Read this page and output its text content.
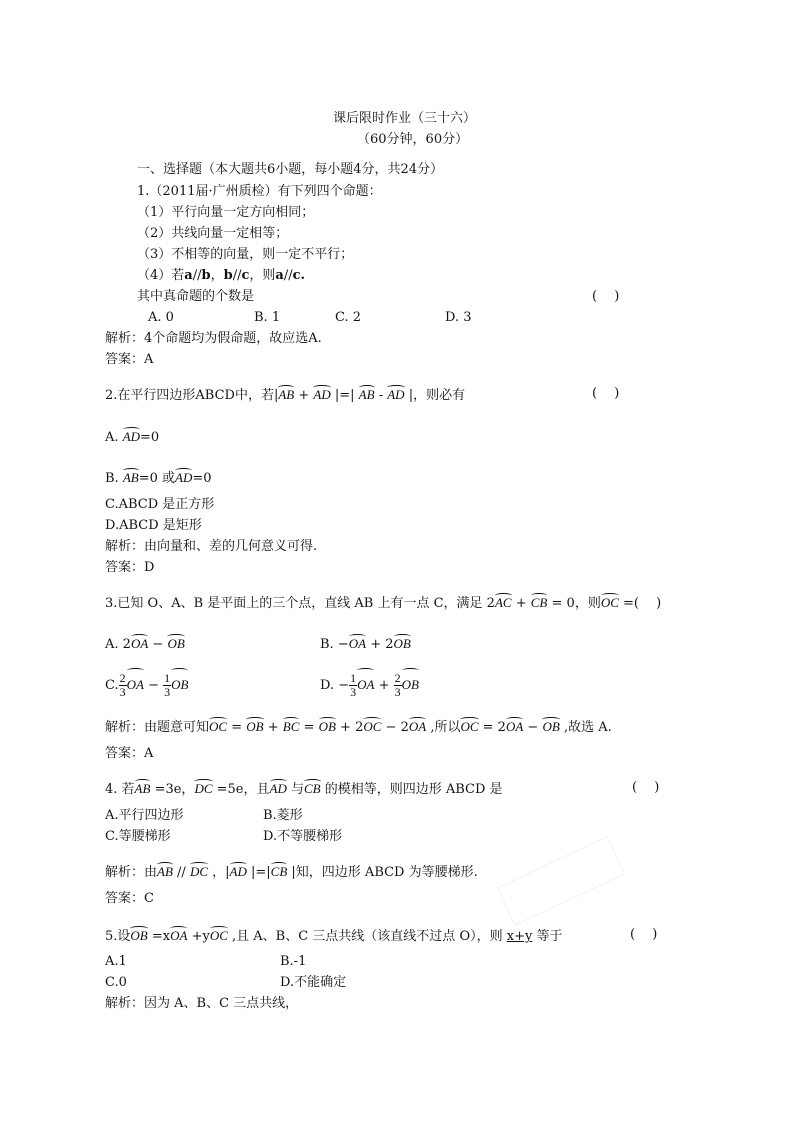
课后限时作业（三十六）
（60分钟，60分）
一、选择题（本大题共6小题，每小题4分，共24分）
1.（2011届·广州质检）有下列四个命题：
（1）平行向量一定方向相同；
（2）共线向量一定相等；
（3）不相等的向量，则一定不平行；
（4）若a//b，b//c，则a//c.
其中真命题的个数是	(　 )
A. 0	B. 1	C. 2	D. 3
解析：4个命题均为假命题，故应选A.
答案：A
2.在平行四边形ABCD中，若|AB + AD |=| AB - AD |，则必有	(　 )
A. AD=0
B. AB=0 或AD=0
C.ABCD 是正方形
D.ABCD 是矩形
解析：由向量和、差的几何意义可得.
答案：D
3.已知 O、A、B 是平面上的三个点，直线 AB 上有一点 C，满足 2AC + CB = 0，则OC =(　 )
A. 2OA − OB	B. −OA + 2OB
C. $\frac{2}{3}$ OA − $\frac{1}{3}$ OB	D. − $\frac{1}{3}$ OA + $\frac{2}{3}$ OB
解析：由题意可知OC = OB + BC = OB + 2OC − 2OA ,所以OC = 2OA − OB ,故选 A.
答案：A
4. 若AB =3e，DC =5e，且AD 与CB 的模相等，则四边形 ABCD 是	(　 )
A.平行四边形	B.菱形
C.等腰梯形	D.不等腰梯形
解析：由AB // DC ，|AD |=|CB |知，四边形 ABCD 为等腰梯形.
答案：C
5.设OB =xOA +yOC ,且 A、B、C 三点共线（该直线不过点 O），则 x+y 等于	(　 )
A.1	B.-1
C.0	D.不能确定
解析：因为 A、B、C 三点共线，
